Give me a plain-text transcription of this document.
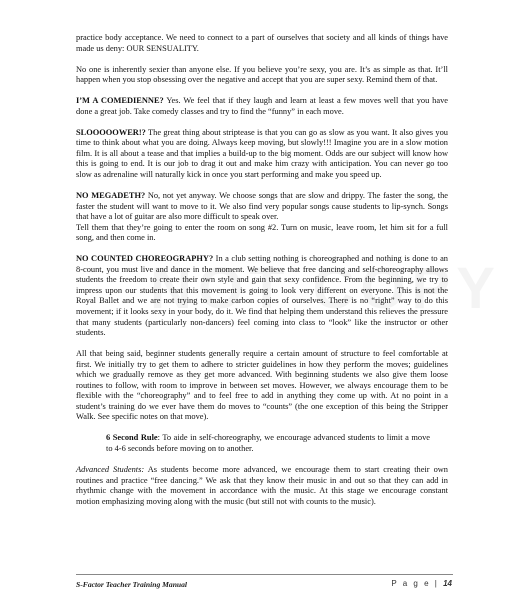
practice body acceptance. We need to connect to a part of ourselves that society and all kinds of things have made us deny: OUR SENSUALITY.

No one is inherently sexier than anyone else. If you believe you’re sexy, you are. It’s as simple as that. It’ll happen when you stop obsessing over the negative and accept that you are super sexy. Remind them of that.

I’M A COMEDIENNE? Yes. We feel that if they laugh and learn at least a few moves well that you have done a great job. Take comedy classes and try to find the “funny” in each move.

SLOOOOOWER!? The great thing about striptease is that you can go as slow as you want. It also gives you time to think about what you are doing. Always keep moving, but slowly!!! Imagine you are in a slow motion film. It is all about a tease and that implies a build-up to the big moment. Odds are our subject will know how this is going to end. It is our job to drag it out and make him crazy with anticipation. You can never go too slow as adrenaline will naturally kick in once you start performing and make you speed up.

NO MEGADETH? No, not yet anyway. We choose songs that are slow and drippy. The faster the song, the faster the student will want to move to it. We also find very popular songs cause students to lip-synch. Songs that have a lot of guitar are also more difficult to speak over.

Tell them that they’re going to enter the room on song #2. Turn on music, leave room, let him sit for a full song, and then come in.

NO COUNTED CHOREOGRAPHY? In a club setting nothing is choreographed and nothing is done to an 8-count, you must live and dance in the moment. We believe that free dancing and self-choreography allows students the freedom to create their own style and gain that sexy confidence. From the beginning, we try to impress upon our students that this movement is going to look very different on everyone. This is not the Royal Ballet and we are not trying to make carbon copies of ourselves. There is no “right” way to do this movement; if it looks sexy in your body, do it. We find that helping them understand this relieves the pressure that many students (particularly non-dancers) feel coming into class to “look” like the instructor or other students.

All that being said, beginner students generally require a certain amount of structure to feel comfortable at first. We initially try to get them to adhere to stricter guidelines in how they perform the moves; guidelines which we gradually remove as they get more advanced. With beginning students we also give them loose routines to follow, with room to improve in between set moves. However, we always encourage them to be flexible with the “choreography” and to feel free to add in anything they come up with. At no point in a student’s training do we ever have them do moves to “counts” (the one exception of this being the Stripper Walk. See specific notes on that move).

6 Second Rule: To aide in self-choreography, we encourage advanced students to limit a move to 4-6 seconds before moving on to another.

Advanced Students: As students become more advanced, we encourage them to start creating their own routines and practice “free dancing.” We ask that they know their music in and out so that they can add in rhythmic change with the movement in accordance with the music. At this stage we encourage constant motion emphasizing moving along with the music (but still not with counts to the music).

S-Factor Teacher Training Manual	P a g e | 14
